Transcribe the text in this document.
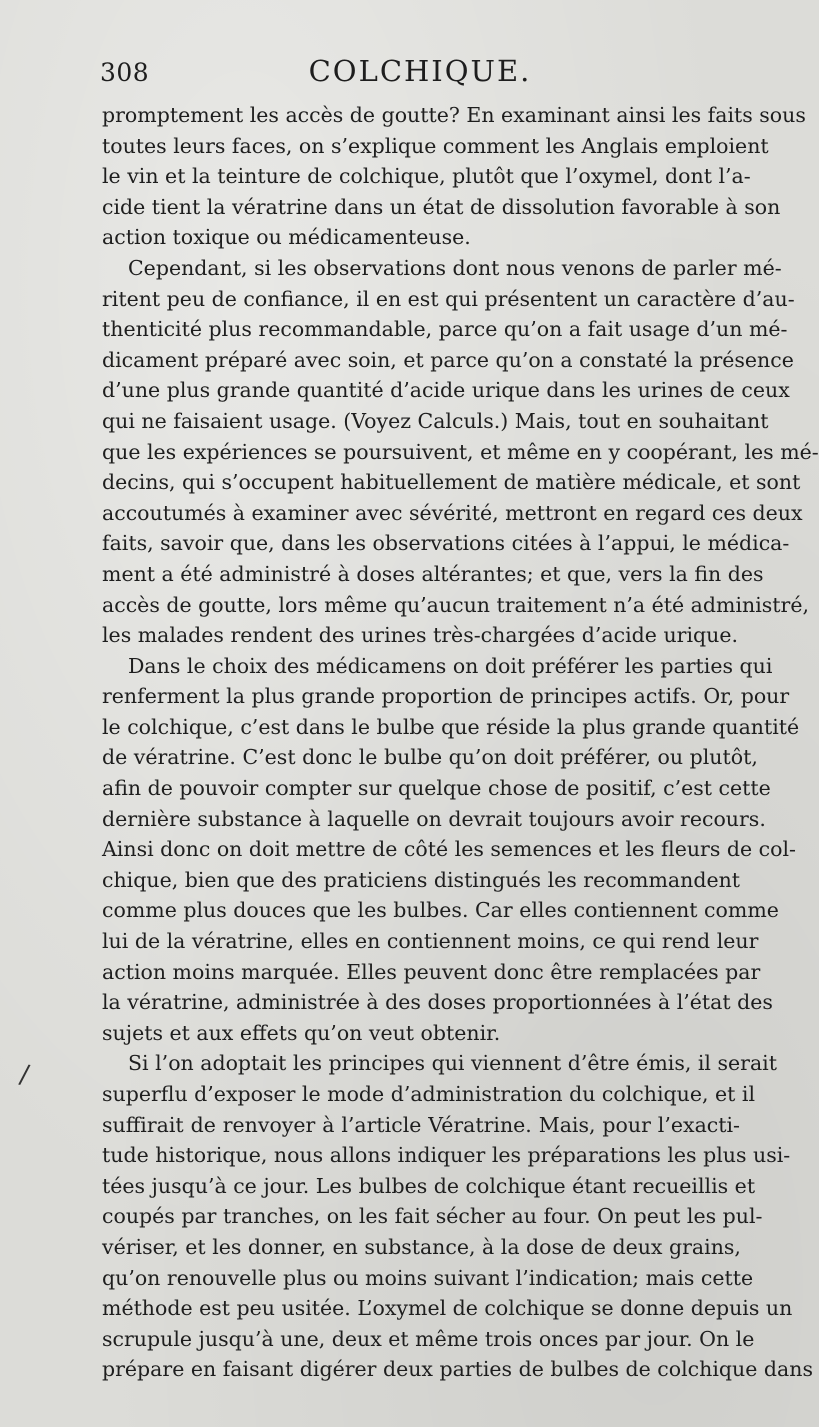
308	COLCHIQUE.
/
promptement les accès de goutte? En examinant ainsi les faits sous
toutes leurs faces, on s’explique comment les Anglais emploient
le vin et la teinture de colchique, plutôt que l’oxymel, dont l’a-
cide tient la vératrine dans un état de dissolution favorable à son
action toxique ou médicamenteuse.
Cependant, si les observations dont nous venons de parler mé-
ritent peu de confiance, il en est qui présentent un caractère d’au-
thenticité plus recommandable, parce qu’on a fait usage d’un mé-
dicament préparé avec soin, et parce qu’on a constaté la présence
d’une plus grande quantité d’acide urique dans les urines de ceux
qui ne faisaient usage. (Voyez Calculs.) Mais, tout en souhaitant
que les expériences se poursuivent, et même en y coopérant, les mé-
decins, qui s’occupent habituellement de matière médicale, et sont
accoutumés à examiner avec sévérité, mettront en regard ces deux
faits, savoir que, dans les observations citées à l’appui, le médica-
ment a été administré à doses altérantes; et que, vers la fin des
accès de goutte, lors même qu’aucun traitement n’a été administré,
les malades rendent des urines très-chargées d’acide urique.
Dans le choix des médicamens on doit préférer les parties qui
renferment la plus grande proportion de principes actifs. Or, pour
le colchique, c’est dans le bulbe que réside la plus grande quantité
de vératrine. C’est donc le bulbe qu’on doit préférer, ou plutôt,
afin de pouvoir compter sur quelque chose de positif, c’est cette
dernière substance à laquelle on devrait toujours avoir recours.
Ainsi donc on doit mettre de côté les semences et les fleurs de col-
chique, bien que des praticiens distingués les recommandent
comme plus douces que les bulbes. Car elles contiennent comme
lui de la vératrine, elles en contiennent moins, ce qui rend leur
action moins marquée. Elles peuvent donc être remplacées par
la vératrine, administrée à des doses proportionnées à l’état des
sujets et aux effets qu’on veut obtenir.
Si l’on adoptait les principes qui viennent d’être émis, il serait
superflu d’exposer le mode d’administration du colchique, et il
suffirait de renvoyer à l’article Vératrine. Mais, pour l’exacti-
tude historique, nous allons indiquer les préparations les plus usi-
tées jusqu’à ce jour. Les bulbes de colchique étant recueillis et
coupés par tranches, on les fait sécher au four. On peut les pul-
vériser, et les donner, en substance, à la dose de deux grains,
qu’on renouvelle plus ou moins suivant l’indication; mais cette
méthode est peu usitée. L’oxymel de colchique se donne depuis un
scrupule jusqu’à une, deux et même trois onces par jour. On le
prépare en faisant digérer deux parties de bulbes de colchique dans
